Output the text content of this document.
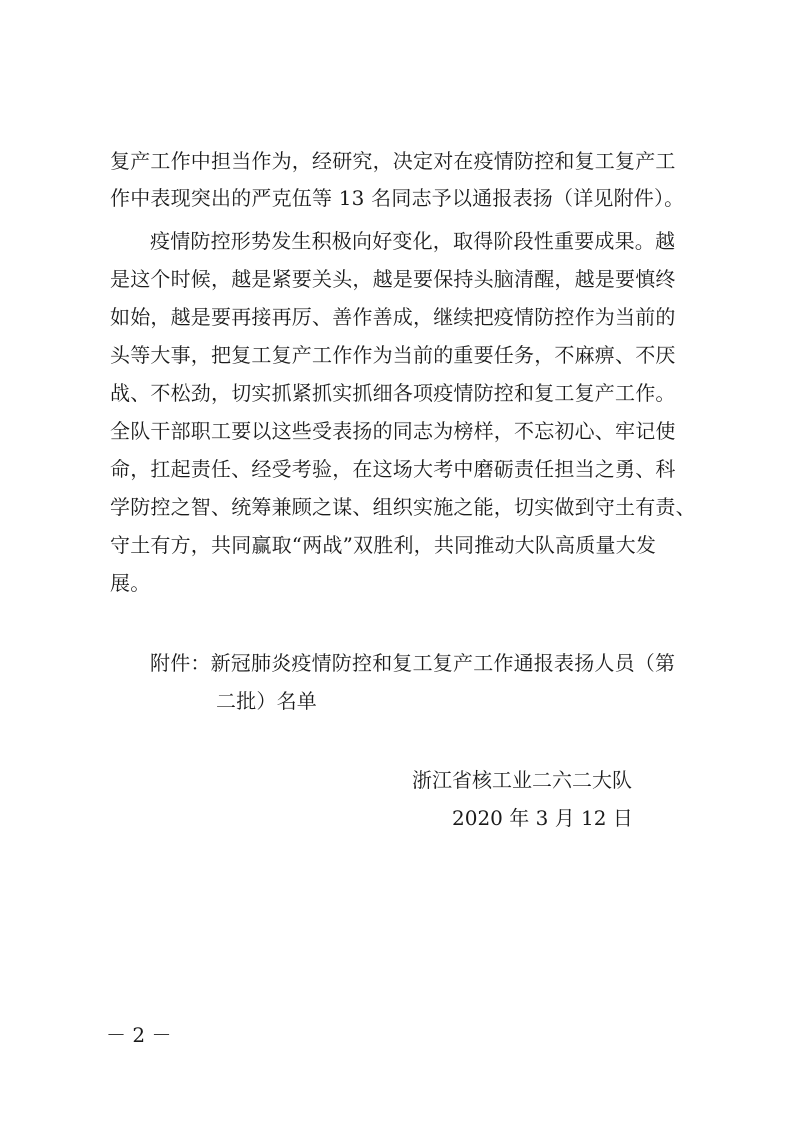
复产工作中担当作为，经研究，决定对在疫情防控和复工复产工
作中表现突出的严克伍等 13 名同志予以通报表扬（详见附件）。
疫情防控形势发生积极向好变化，取得阶段性重要成果。越
是这个时候，越是紧要关头，越是要保持头脑清醒，越是要慎终
如始，越是要再接再厉、善作善成，继续把疫情防控作为当前的
头等大事，把复工复产工作作为当前的重要任务，不麻痹、不厌
战、不松劲，切实抓紧抓实抓细各项疫情防控和复工复产工作。
全队干部职工要以这些受表扬的同志为榜样，不忘初心、牢记使
命，扛起责任、经受考验，在这场大考中磨砺责任担当之勇、科
学防控之智、统筹兼顾之谋、组织实施之能，切实做到守土有责、
守土有方，共同赢取“两战”双胜利，共同推动大队高质量大发
展。
附件：新冠肺炎疫情防控和复工复产工作通报表扬人员（第
二批）名单
浙江省核工业二六二大队
2020 年 3 月 12 日
－ 2 －
